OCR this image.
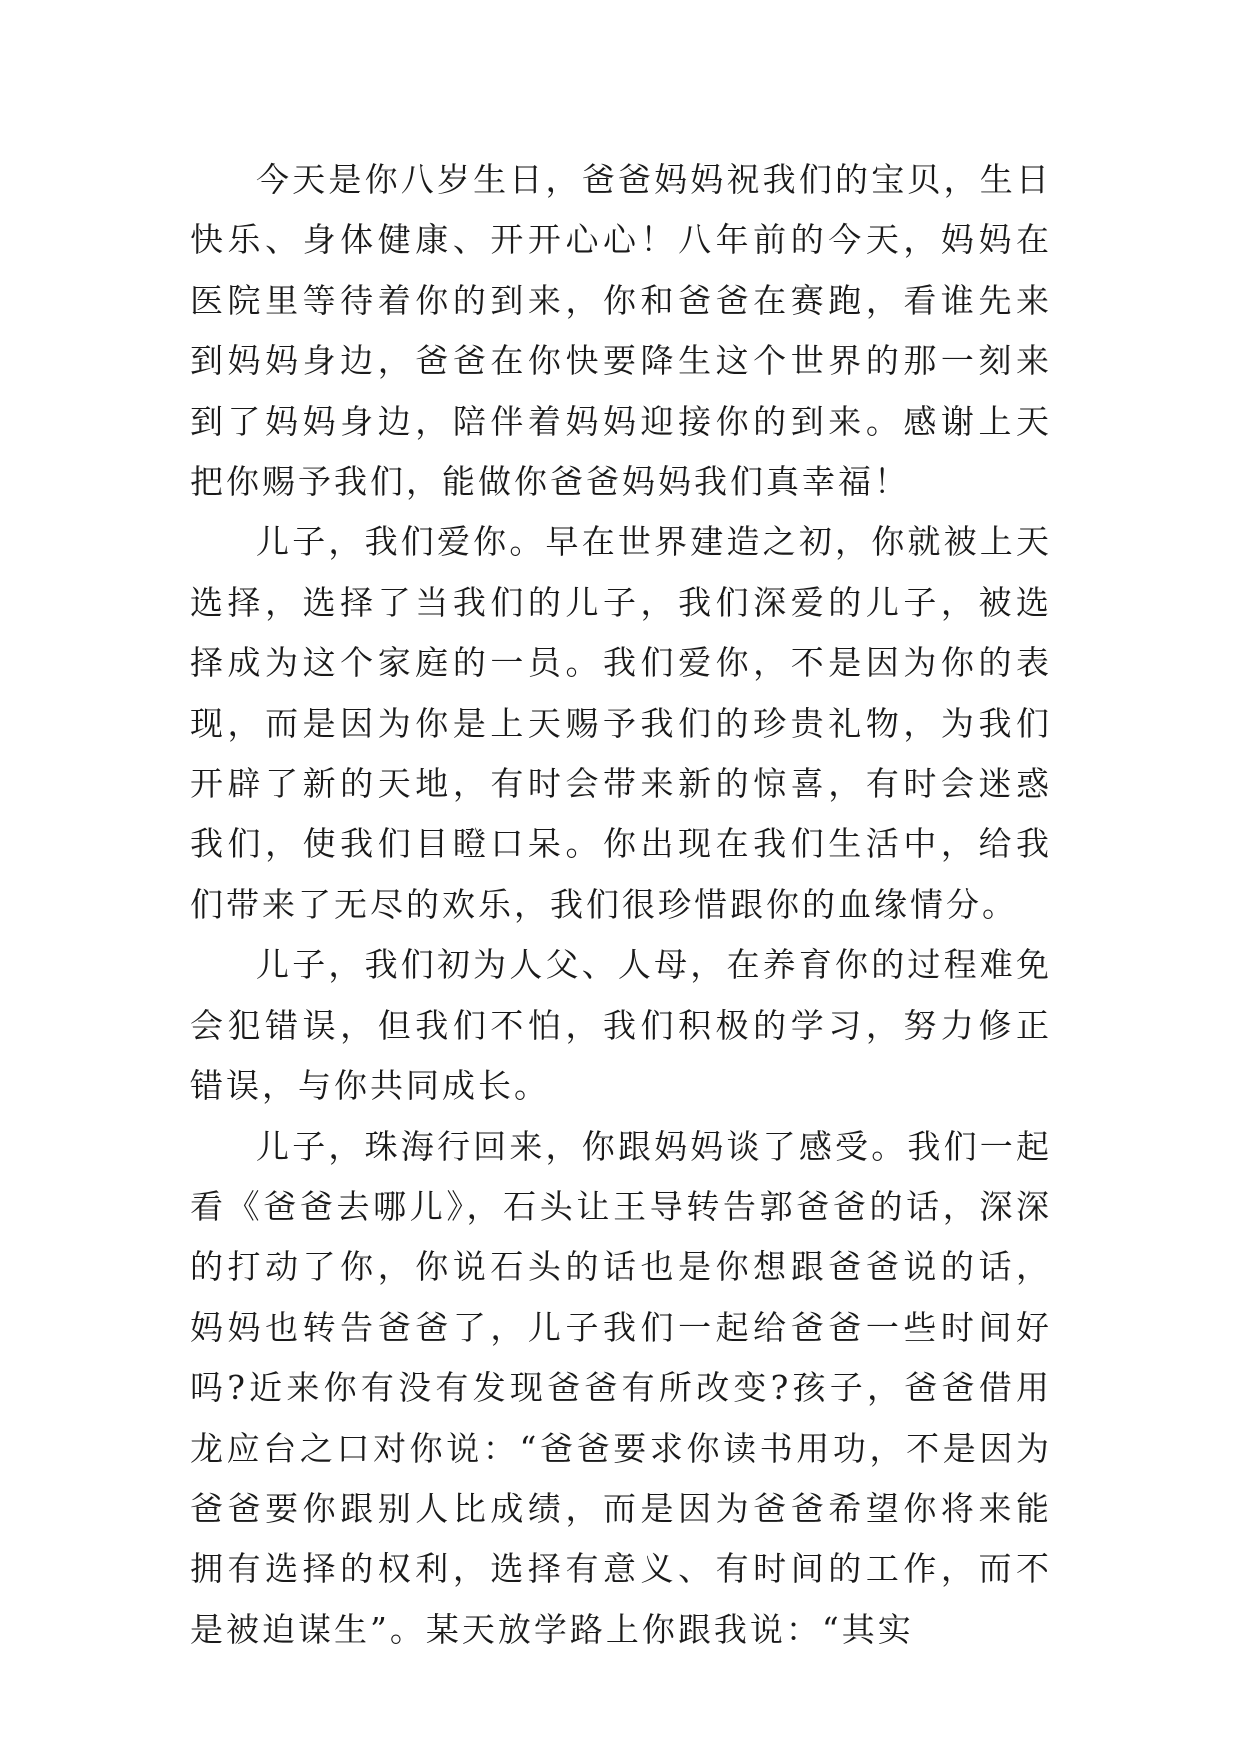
今天是你八岁生日，爸爸妈妈祝我们的宝贝，生日快乐、身体健康、开开心心！八年前的今天，妈妈在医院里等待着你的到来，你和爸爸在赛跑，看谁先来到妈妈身边，爸爸在你快要降生这个世界的那一刻来到了妈妈身边，陪伴着妈妈迎接你的到来。感谢上天把你赐予我们，能做你爸爸妈妈我们真幸福！

儿子，我们爱你。早在世界建造之初，你就被上天选择，选择了当我们的儿子，我们深爱的儿子，被选择成为这个家庭的一员。我们爱你，不是因为你的表现，而是因为你是上天赐予我们的珍贵礼物，为我们开辟了新的天地，有时会带来新的惊喜，有时会迷惑我们，使我们目瞪口呆。你出现在我们生活中，给我们带来了无尽的欢乐，我们很珍惜跟你的血缘情分。

儿子，我们初为人父、人母，在养育你的过程难免会犯错误，但我们不怕，我们积极的学习，努力修正错误，与你共同成长。

儿子，珠海行回来，你跟妈妈谈了感受。我们一起看《爸爸去哪儿》，石头让王导转告郭爸爸的话，深深的打动了你，你说石头的话也是你想跟爸爸说的话，妈妈也转告爸爸了，儿子我们一起给爸爸一些时间好吗?近来你有没有发现爸爸有所改变?孩子，爸爸借用龙应台之口对你说：“爸爸要求你读书用功，不是因为爸爸要你跟别人比成绩，而是因为爸爸希望你将来能拥有选择的权利，选择有意义、有时间的工作，而不是被迫谋生”。某天放学路上你跟我说：“其实
